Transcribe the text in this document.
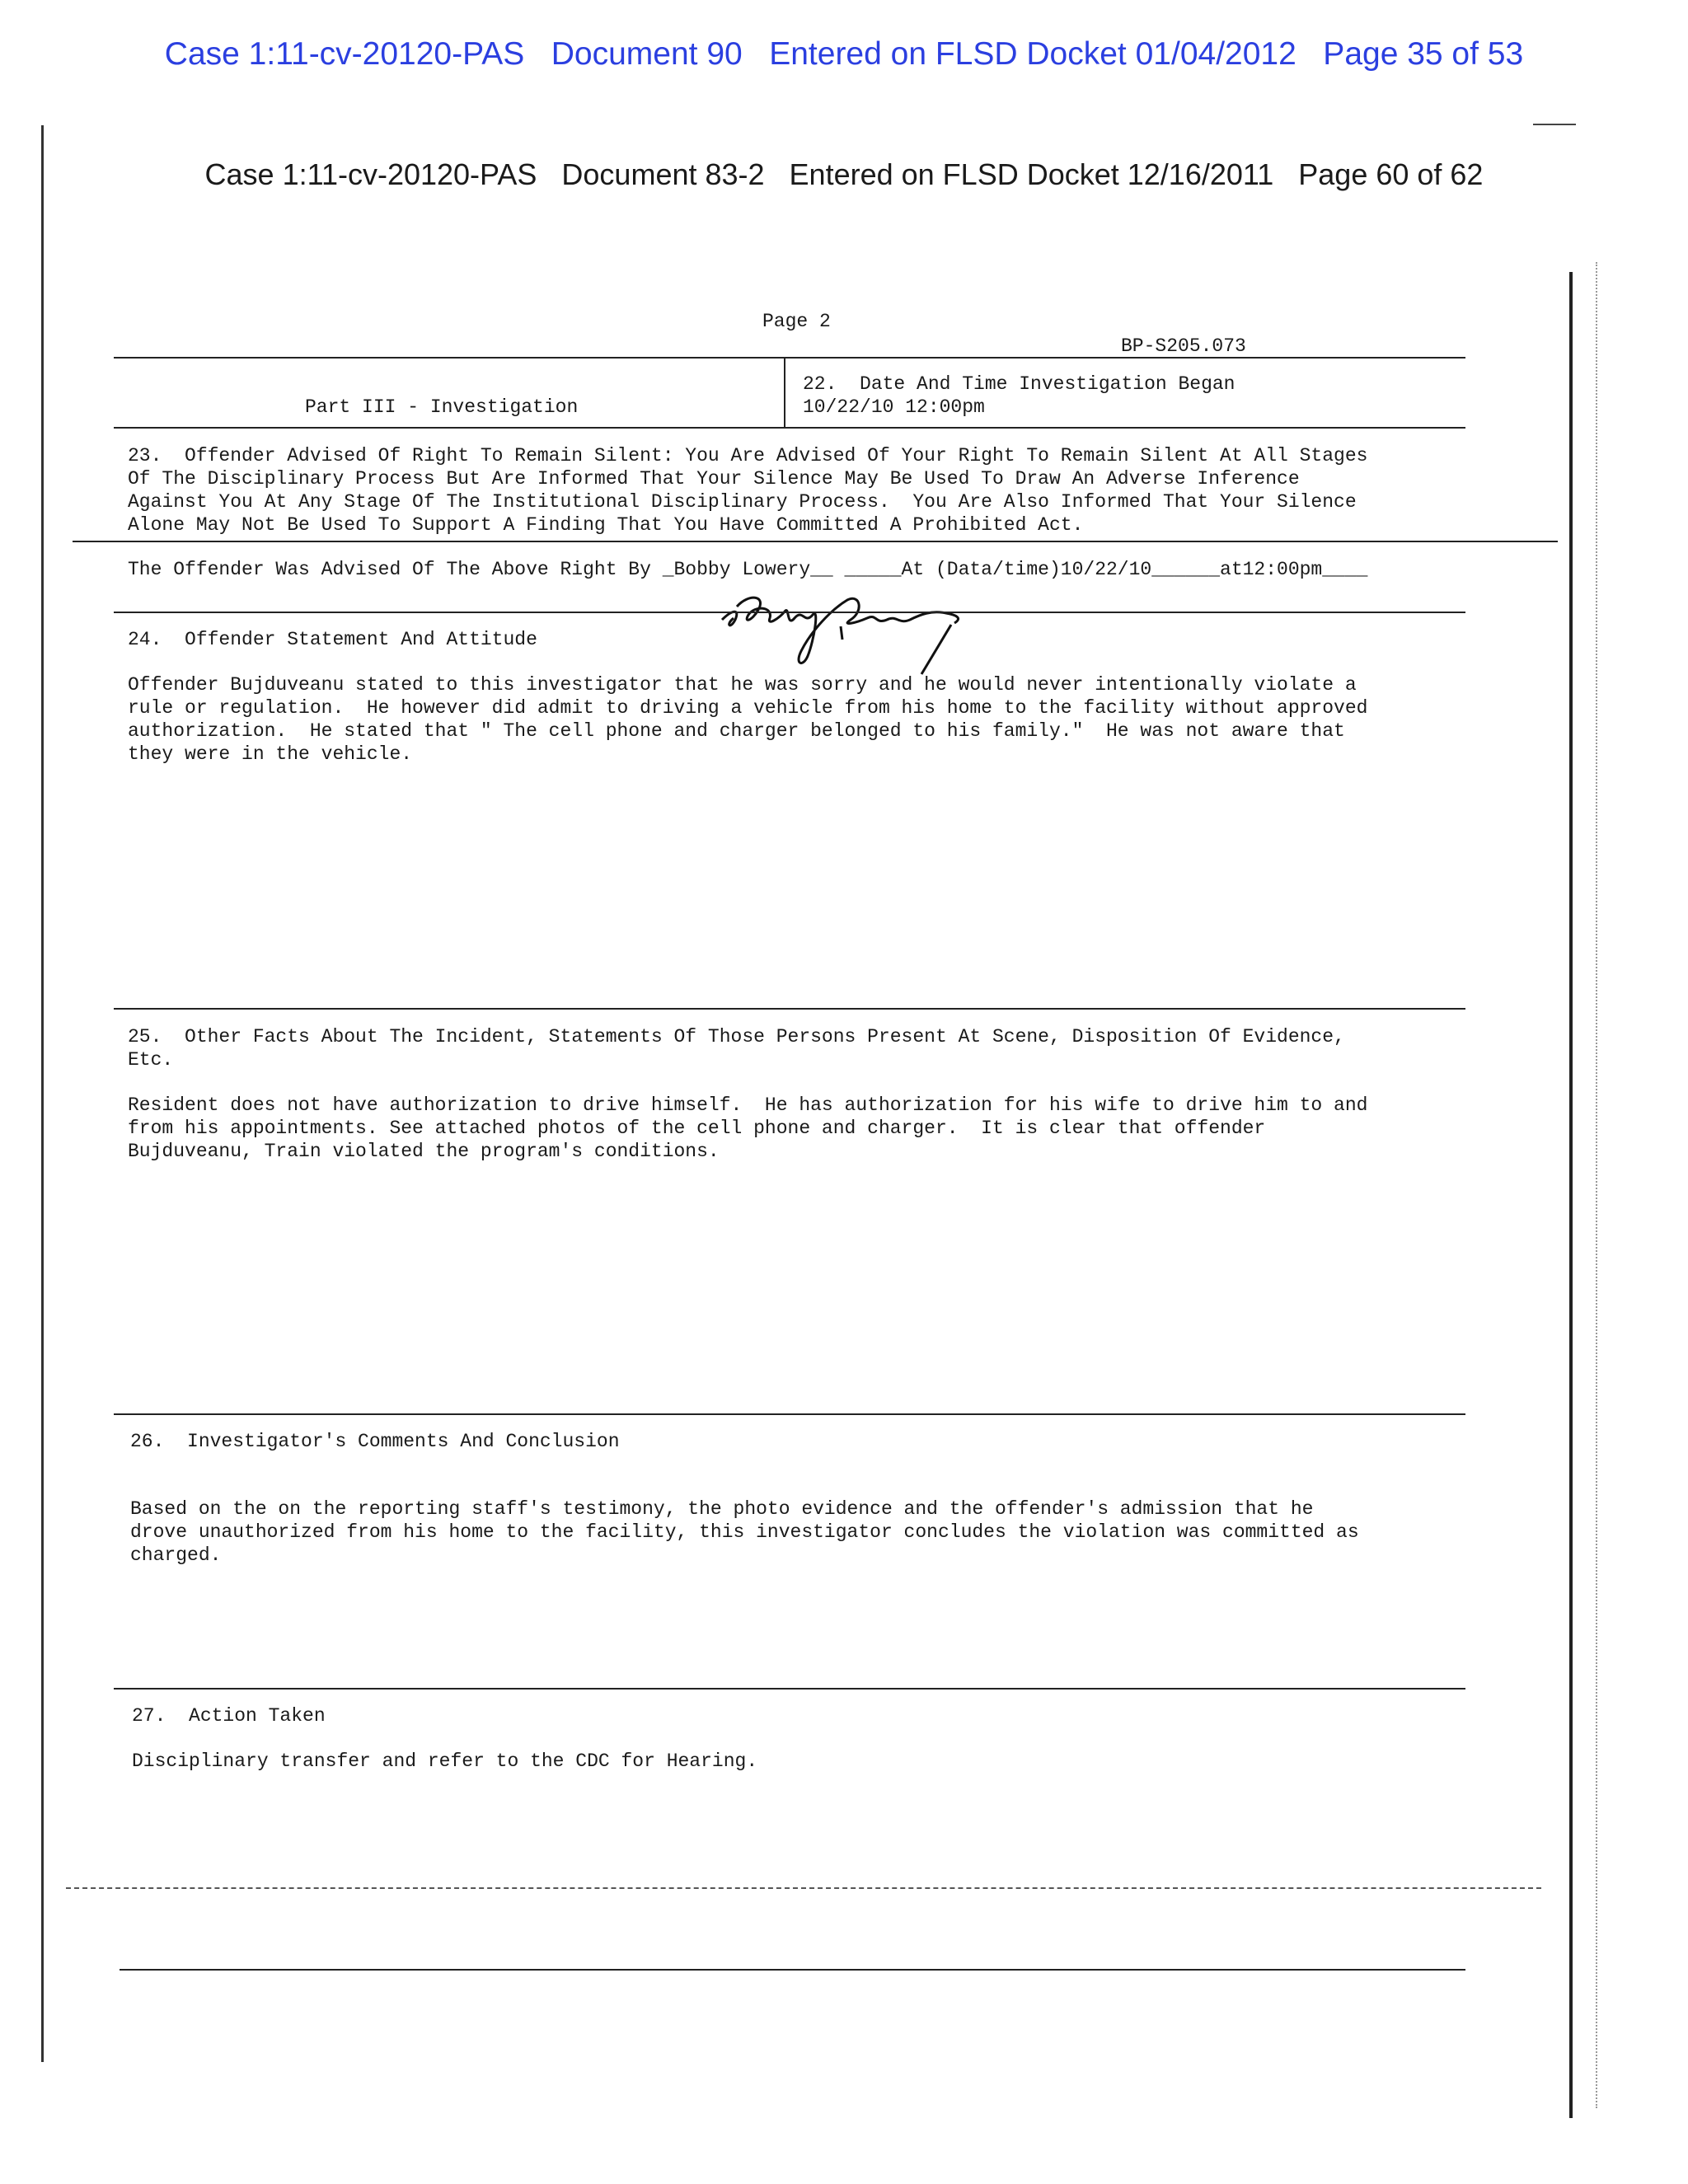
Case 1:11-cv-20120-PAS   Document 90   Entered on FLSD Docket 01/04/2012   Page 35 of 53
Case 1:11-cv-20120-PAS   Document 83-2   Entered on FLSD Docket 12/16/2011   Page 60 of 62
Page 2
BP-S205.073
Part III - Investigation
22.  Date And Time Investigation Began
10/22/10 12:00pm
23.  Offender Advised Of Right To Remain Silent: You Are Advised Of Your Right To Remain Silent At All Stages
Of The Disciplinary Process But Are Informed That Your Silence May Be Used To Draw An Adverse Inference
Against You At Any Stage Of The Institutional Disciplinary Process.  You Are Also Informed That Your Silence
Alone May Not Be Used To Support A Finding That You Have Committed A Prohibited Act.
The Offender Was Advised Of The Above Right By _Bobby Lowery__ _____At (Data/time)10/22/10______at12:00pm____
24.  Offender Statement And Attitude
Offender Bujduveanu stated to this investigator that he was sorry and he would never intentionally violate a
rule or regulation.  He however did admit to driving a vehicle from his home to the facility without approved
authorization.  He stated that " The cell phone and charger belonged to his family."  He was not aware that
they were in the vehicle.
25.  Other Facts About The Incident, Statements Of Those Persons Present At Scene, Disposition Of Evidence,
Etc.
Resident does not have authorization to drive himself.  He has authorization for his wife to drive him to and
from his appointments. See attached photos of the cell phone and charger.  It is clear that offender
Bujduveanu, Train violated the program's conditions.
26.  Investigator's Comments And Conclusion
Based on the on the reporting staff's testimony, the photo evidence and the offender's admission that he
drove unauthorized from his home to the facility, this investigator concludes the violation was committed as
charged.
27.  Action Taken
Disciplinary transfer and refer to the CDC for Hearing.
